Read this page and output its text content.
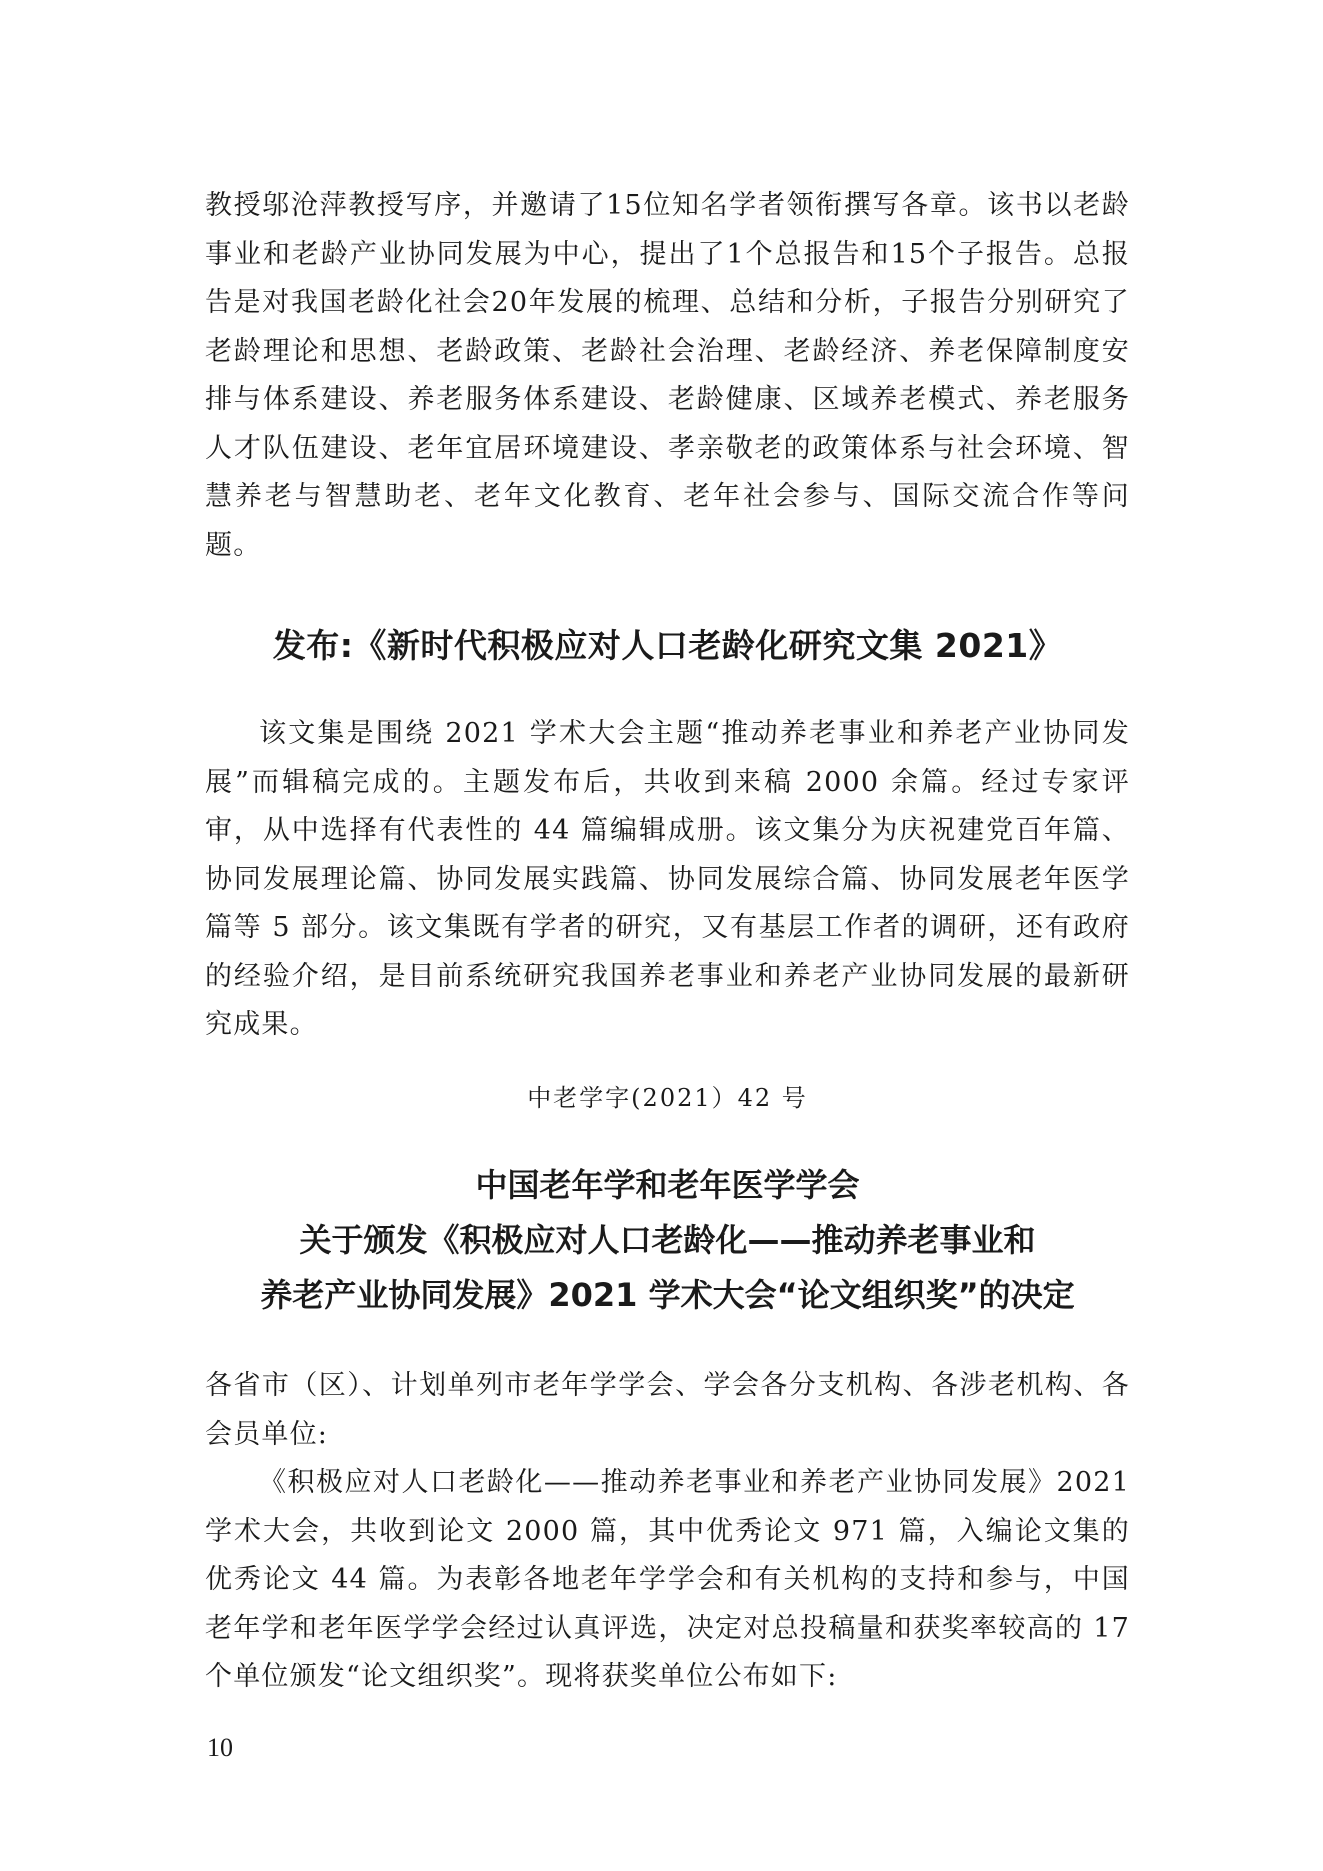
教授邬沧萍教授写序，并邀请了15位知名学者领衔撰写各章。该书以老龄事业和老龄产业协同发展为中心，提出了1个总报告和15个子报告。总报告是对我国老龄化社会20年发展的梳理、总结和分析，子报告分别研究了老龄理论和思想、老龄政策、老龄社会治理、老龄经济、养老保障制度安排与体系建设、养老服务体系建设、老龄健康、区域养老模式、养老服务人才队伍建设、老年宜居环境建设、孝亲敬老的政策体系与社会环境、智慧养老与智慧助老、老年文化教育、老年社会参与、国际交流合作等问题。

发布:《新时代积极应对人口老龄化研究文集 2021》

该文集是围绕 2021 学术大会主题“推动养老事业和养老产业协同发展”而辑稿完成的。主题发布后，共收到来稿 2000 余篇。经过专家评审，从中选择有代表性的 44 篇编辑成册。该文集分为庆祝建党百年篇、协同发展理论篇、协同发展实践篇、协同发展综合篇、协同发展老年医学篇等 5 部分。该文集既有学者的研究，又有基层工作者的调研，还有政府的经验介绍，是目前系统研究我国养老事业和养老产业协同发展的最新研究成果。

中老学字(2021）42 号

中国老年学和老年医学学会
关于颁发《积极应对人口老龄化——推动养老事业和
养老产业协同发展》2021 学术大会“论文组织奖”的决定

各省市（区）、计划单列市老年学学会、学会各分支机构、各涉老机构、各会员单位:

《积极应对人口老龄化——推动养老事业和养老产业协同发展》2021 学术大会，共收到论文 2000 篇，其中优秀论文 971 篇，入编论文集的优秀论文 44 篇。为表彰各地老年学学会和有关机构的支持和参与，中国老年学和老年医学学会经过认真评选，决定对总投稿量和获奖率较高的 17 个单位颁发“论文组织奖”。现将获奖单位公布如下:

10
